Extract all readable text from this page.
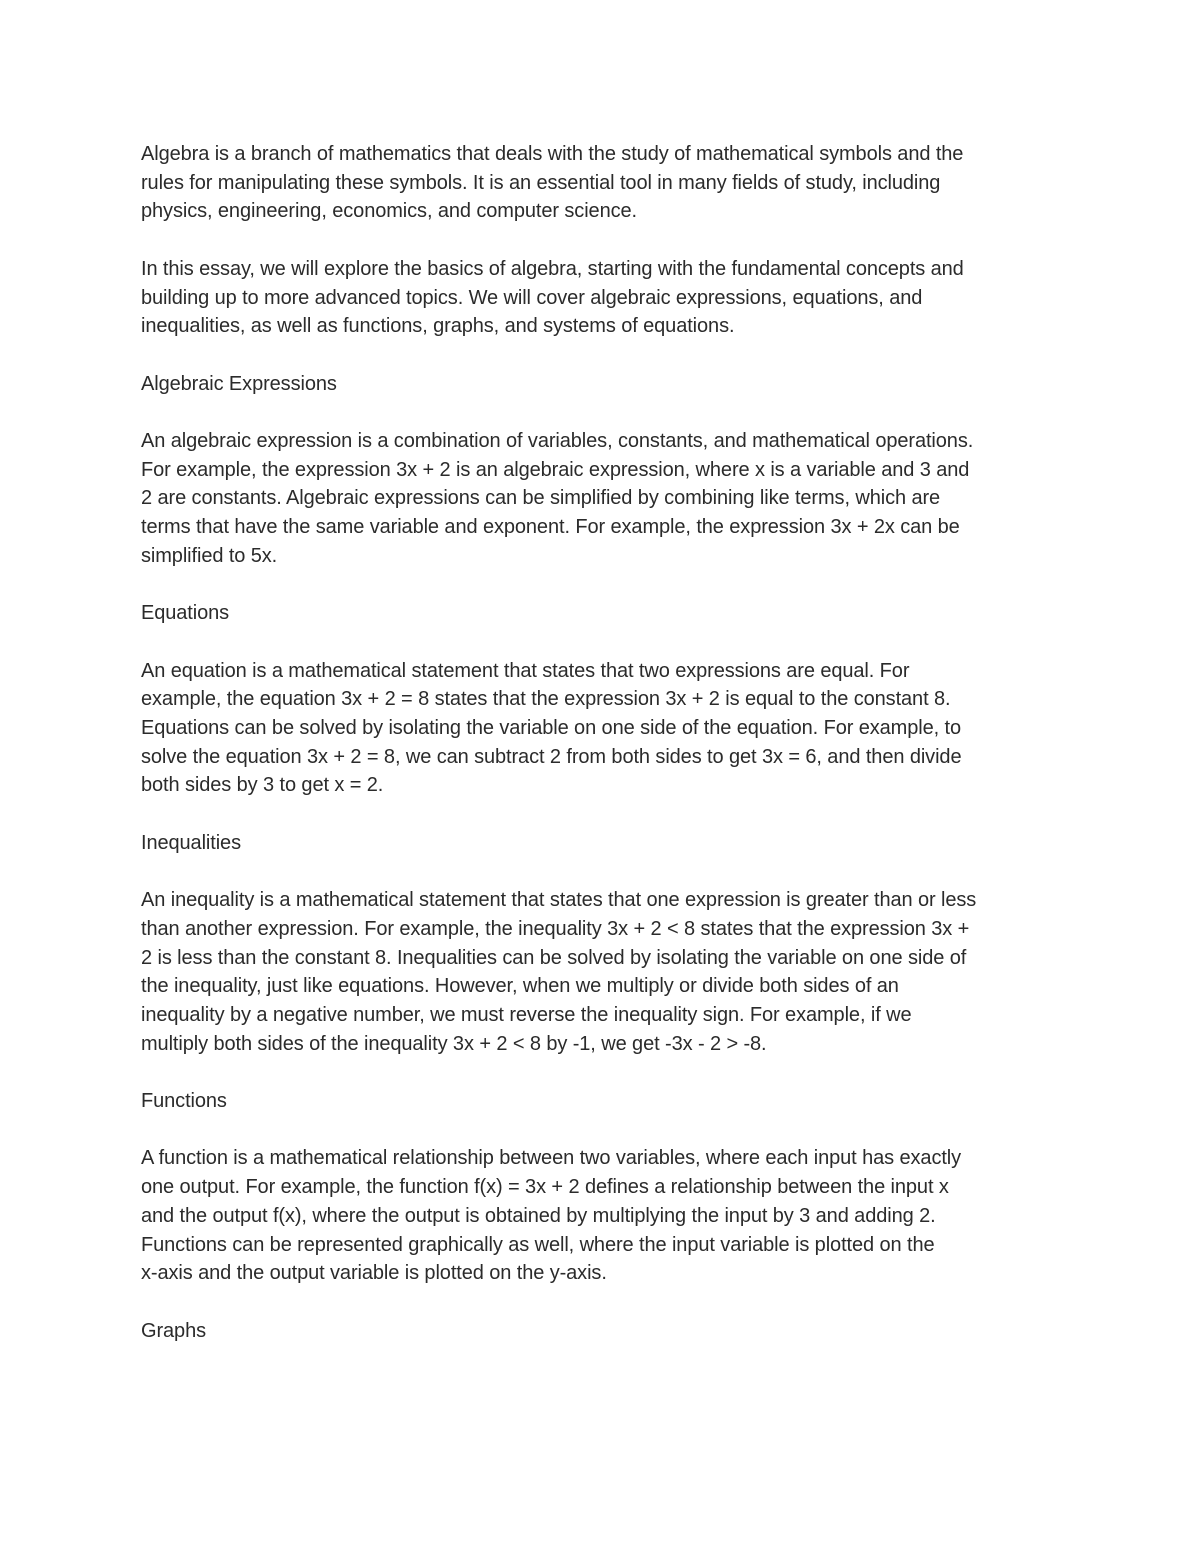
Algebra is a branch of mathematics that deals with the study of mathematical symbols and the
rules for manipulating these symbols. It is an essential tool in many fields of study, including
physics, engineering, economics, and computer science.

In this essay, we will explore the basics of algebra, starting with the fundamental concepts and
building up to more advanced topics. We will cover algebraic expressions, equations, and
inequalities, as well as functions, graphs, and systems of equations.

Algebraic Expressions

An algebraic expression is a combination of variables, constants, and mathematical operations.
For example, the expression 3x + 2 is an algebraic expression, where x is a variable and 3 and
2 are constants. Algebraic expressions can be simplified by combining like terms, which are
terms that have the same variable and exponent. For example, the expression 3x + 2x can be
simplified to 5x.

Equations

An equation is a mathematical statement that states that two expressions are equal. For
example, the equation 3x + 2 = 8 states that the expression 3x + 2 is equal to the constant 8.
Equations can be solved by isolating the variable on one side of the equation. For example, to
solve the equation 3x + 2 = 8, we can subtract 2 from both sides to get 3x = 6, and then divide
both sides by 3 to get x = 2.

Inequalities

An inequality is a mathematical statement that states that one expression is greater than or less
than another expression. For example, the inequality 3x + 2 < 8 states that the expression 3x +
2 is less than the constant 8. Inequalities can be solved by isolating the variable on one side of
the inequality, just like equations. However, when we multiply or divide both sides of an
inequality by a negative number, we must reverse the inequality sign. For example, if we
multiply both sides of the inequality 3x + 2 < 8 by -1, we get -3x - 2 > -8.

Functions

A function is a mathematical relationship between two variables, where each input has exactly
one output. For example, the function f(x) = 3x + 2 defines a relationship between the input x
and the output f(x), where the output is obtained by multiplying the input by 3 and adding 2.
Functions can be represented graphically as well, where the input variable is plotted on the
x-axis and the output variable is plotted on the y-axis.

Graphs
